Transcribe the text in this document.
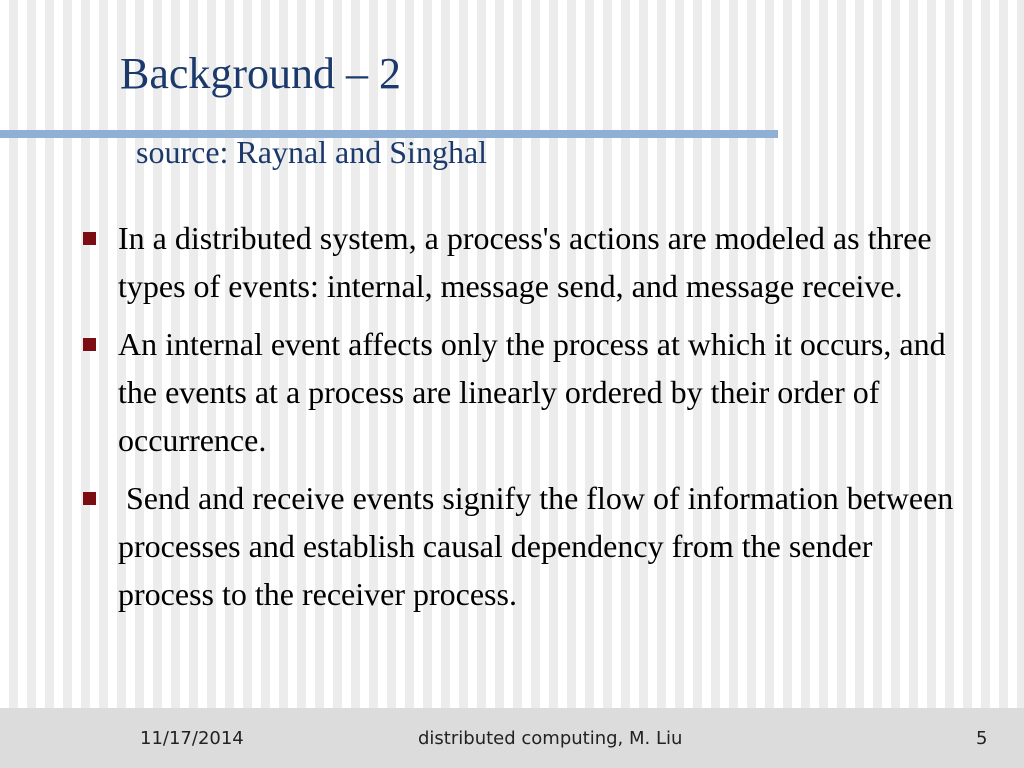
Background – 2
source: Raynal and Singhal
In a distributed system, a process's actions are modeled as three types of events: internal, message send, and message receive.
An internal event affects only the process at which it occurs, and the events at a process are linearly ordered by their order of occurrence.
Send and receive events signify the flow of information between processes and establish causal dependency from the sender process to the receiver process.
11/17/2014	distributed computing, M. Liu	5
